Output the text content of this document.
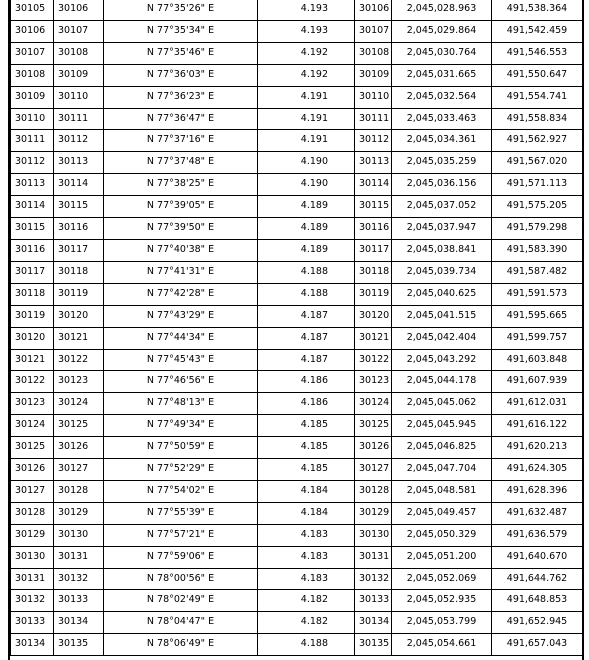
30105	30106	N 77°35'26" E	4.193	30106	2,045,028.963	491,538.364
30106	30107	N 77°35'34" E	4.193	30107	2,045,029.864	491,542.459
30107	30108	N 77°35'46" E	4.192	30108	2,045,030.764	491,546.553
30108	30109	N 77°36'03" E	4.192	30109	2,045,031.665	491,550.647
30109	30110	N 77°36'23" E	4.191	30110	2,045,032.564	491,554.741
30110	30111	N 77°36'47" E	4.191	30111	2,045,033.463	491,558.834
30111	30112	N 77°37'16" E	4.191	30112	2,045,034.361	491,562.927
30112	30113	N 77°37'48" E	4.190	30113	2,045,035.259	491,567.020
30113	30114	N 77°38'25" E	4.190	30114	2,045,036.156	491,571.113
30114	30115	N 77°39'05" E	4.189	30115	2,045,037.052	491,575.205
30115	30116	N 77°39'50" E	4.189	30116	2,045,037.947	491,579.298
30116	30117	N 77°40'38" E	4.189	30117	2,045,038.841	491,583.390
30117	30118	N 77°41'31" E	4.188	30118	2,045,039.734	491,587.482
30118	30119	N 77°42'28" E	4.188	30119	2,045,040.625	491,591.573
30119	30120	N 77°43'29" E	4.187	30120	2,045,041.515	491,595.665
30120	30121	N 77°44'34" E	4.187	30121	2,045,042.404	491,599.757
30121	30122	N 77°45'43" E	4.187	30122	2,045,043.292	491,603.848
30122	30123	N 77°46'56" E	4.186	30123	2,045,044.178	491,607.939
30123	30124	N 77°48'13" E	4.186	30124	2,045,045.062	491,612.031
30124	30125	N 77°49'34" E	4.185	30125	2,045,045.945	491,616.122
30125	30126	N 77°50'59" E	4.185	30126	2,045,046.825	491,620.213
30126	30127	N 77°52'29" E	4.185	30127	2,045,047.704	491,624.305
30127	30128	N 77°54'02" E	4.184	30128	2,045,048.581	491,628.396
30128	30129	N 77°55'39" E	4.184	30129	2,045,049.457	491,632.487
30129	30130	N 77°57'21" E	4.183	30130	2,045,050.329	491,636.579
30130	30131	N 77°59'06" E	4.183	30131	2,045,051.200	491,640.670
30131	30132	N 78°00'56" E	4.183	30132	2,045,052.069	491,644.762
30132	30133	N 78°02'49" E	4.182	30133	2,045,052.935	491,648.853
30133	30134	N 78°04'47" E	4.182	30134	2,045,053.799	491,652.945
30134	30135	N 78°06'49" E	4.188	30135	2,045,054.661	491,657.043
